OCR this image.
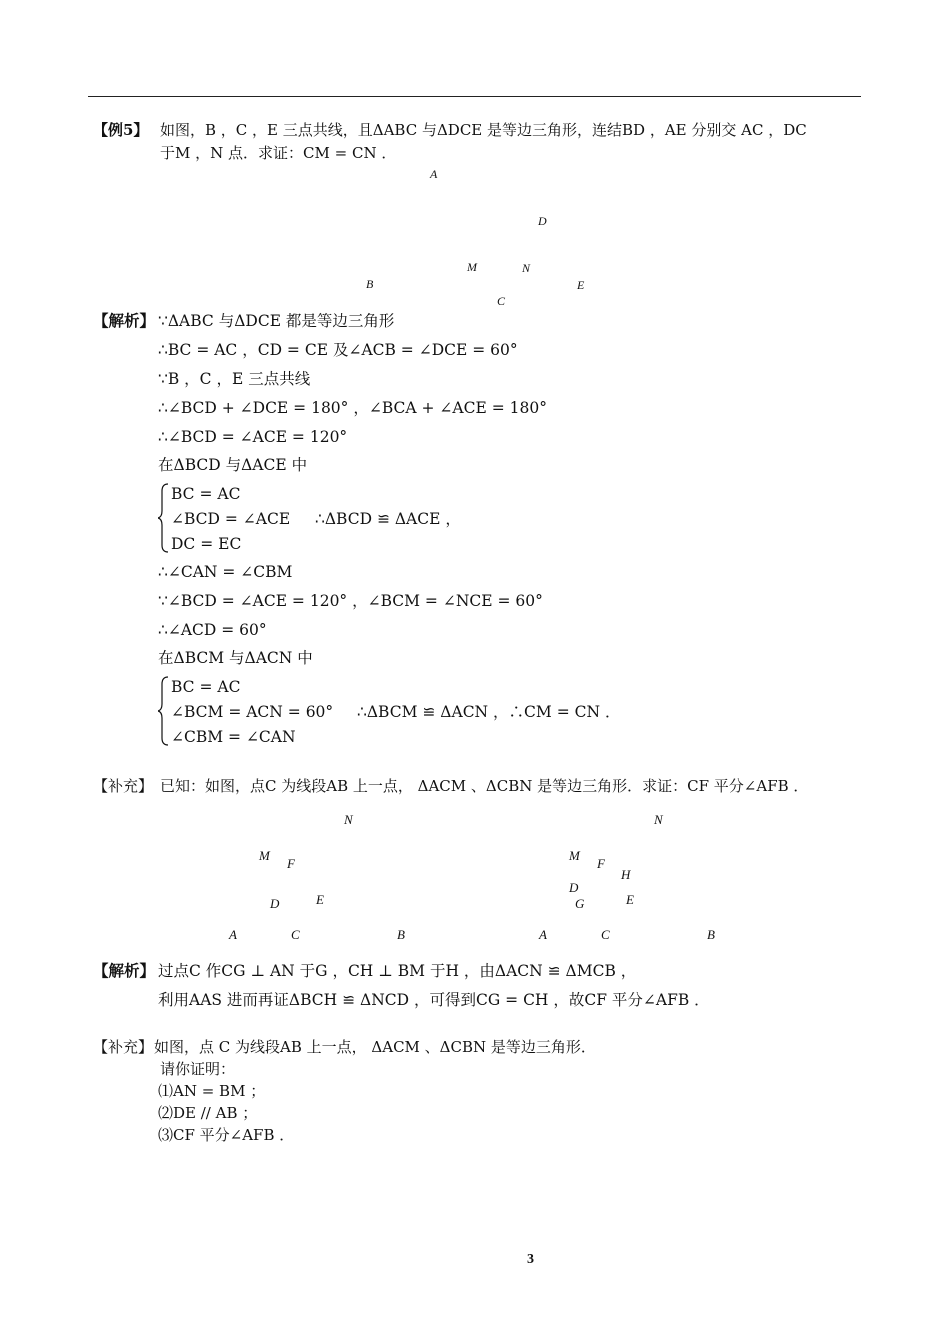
【例5】 如图，B ，C ，E 三点共线，且ΔABC 与ΔDCE 是等边三角形，连结BD ，AE 分别交 AC ，DC
于M ，N 点．求证：CM = CN ．
A
D
M	N
B	E
C
【解析】 ∵ΔABC 与ΔDCE 都是等边三角形
∴BC = AC ，CD = CE 及∠ACB = ∠DCE = 60°
∵B ，C ，E 三点共线
∴∠BCD + ∠DCE = 180° ，∠BCA + ∠ACE = 180°
∴∠BCD = ∠ACE = 120°
在ΔBCD 与ΔACE 中
BC = AC
∠BCD = ∠ACE
DC = EC
∴ΔBCD ≌ ΔACE ，
∴∠CAN = ∠CBM
∵∠BCD = ∠ACE = 120° ，∠BCM = ∠NCE = 60°
∴∠ACD = 60°
在ΔBCM 与ΔACN 中
BC = AC
∠BCM = ACN = 60°
∠CBM = ∠CAN
∴ΔBCM ≌ ΔACN ，∴CM = CN ．
【补充】 已知：如图，点C 为线段AB 上一点， ΔACM 、ΔCBN 是等边三角形．求证：CF 平分∠AFB ．
N
M
F
D	E
A	C	B
N
M
F
H
D
G	E
A	C	B
【解析】 过点C 作CG ⊥ AN 于G ，CH ⊥ BM 于H ，由ΔACN ≌ ΔMCB ，
利用AAS 进而再证ΔBCH ≌ ΔNCD ，可得到CG = CH ，故CF 平分∠AFB ．
【补充】 如图，点 C 为线段AB 上一点， ΔACM 、ΔCBN 是等边三角形．
请你证明：
⑴AN = BM ；
⑵DE // AB ；
⑶CF 平分∠AFB ．
3
